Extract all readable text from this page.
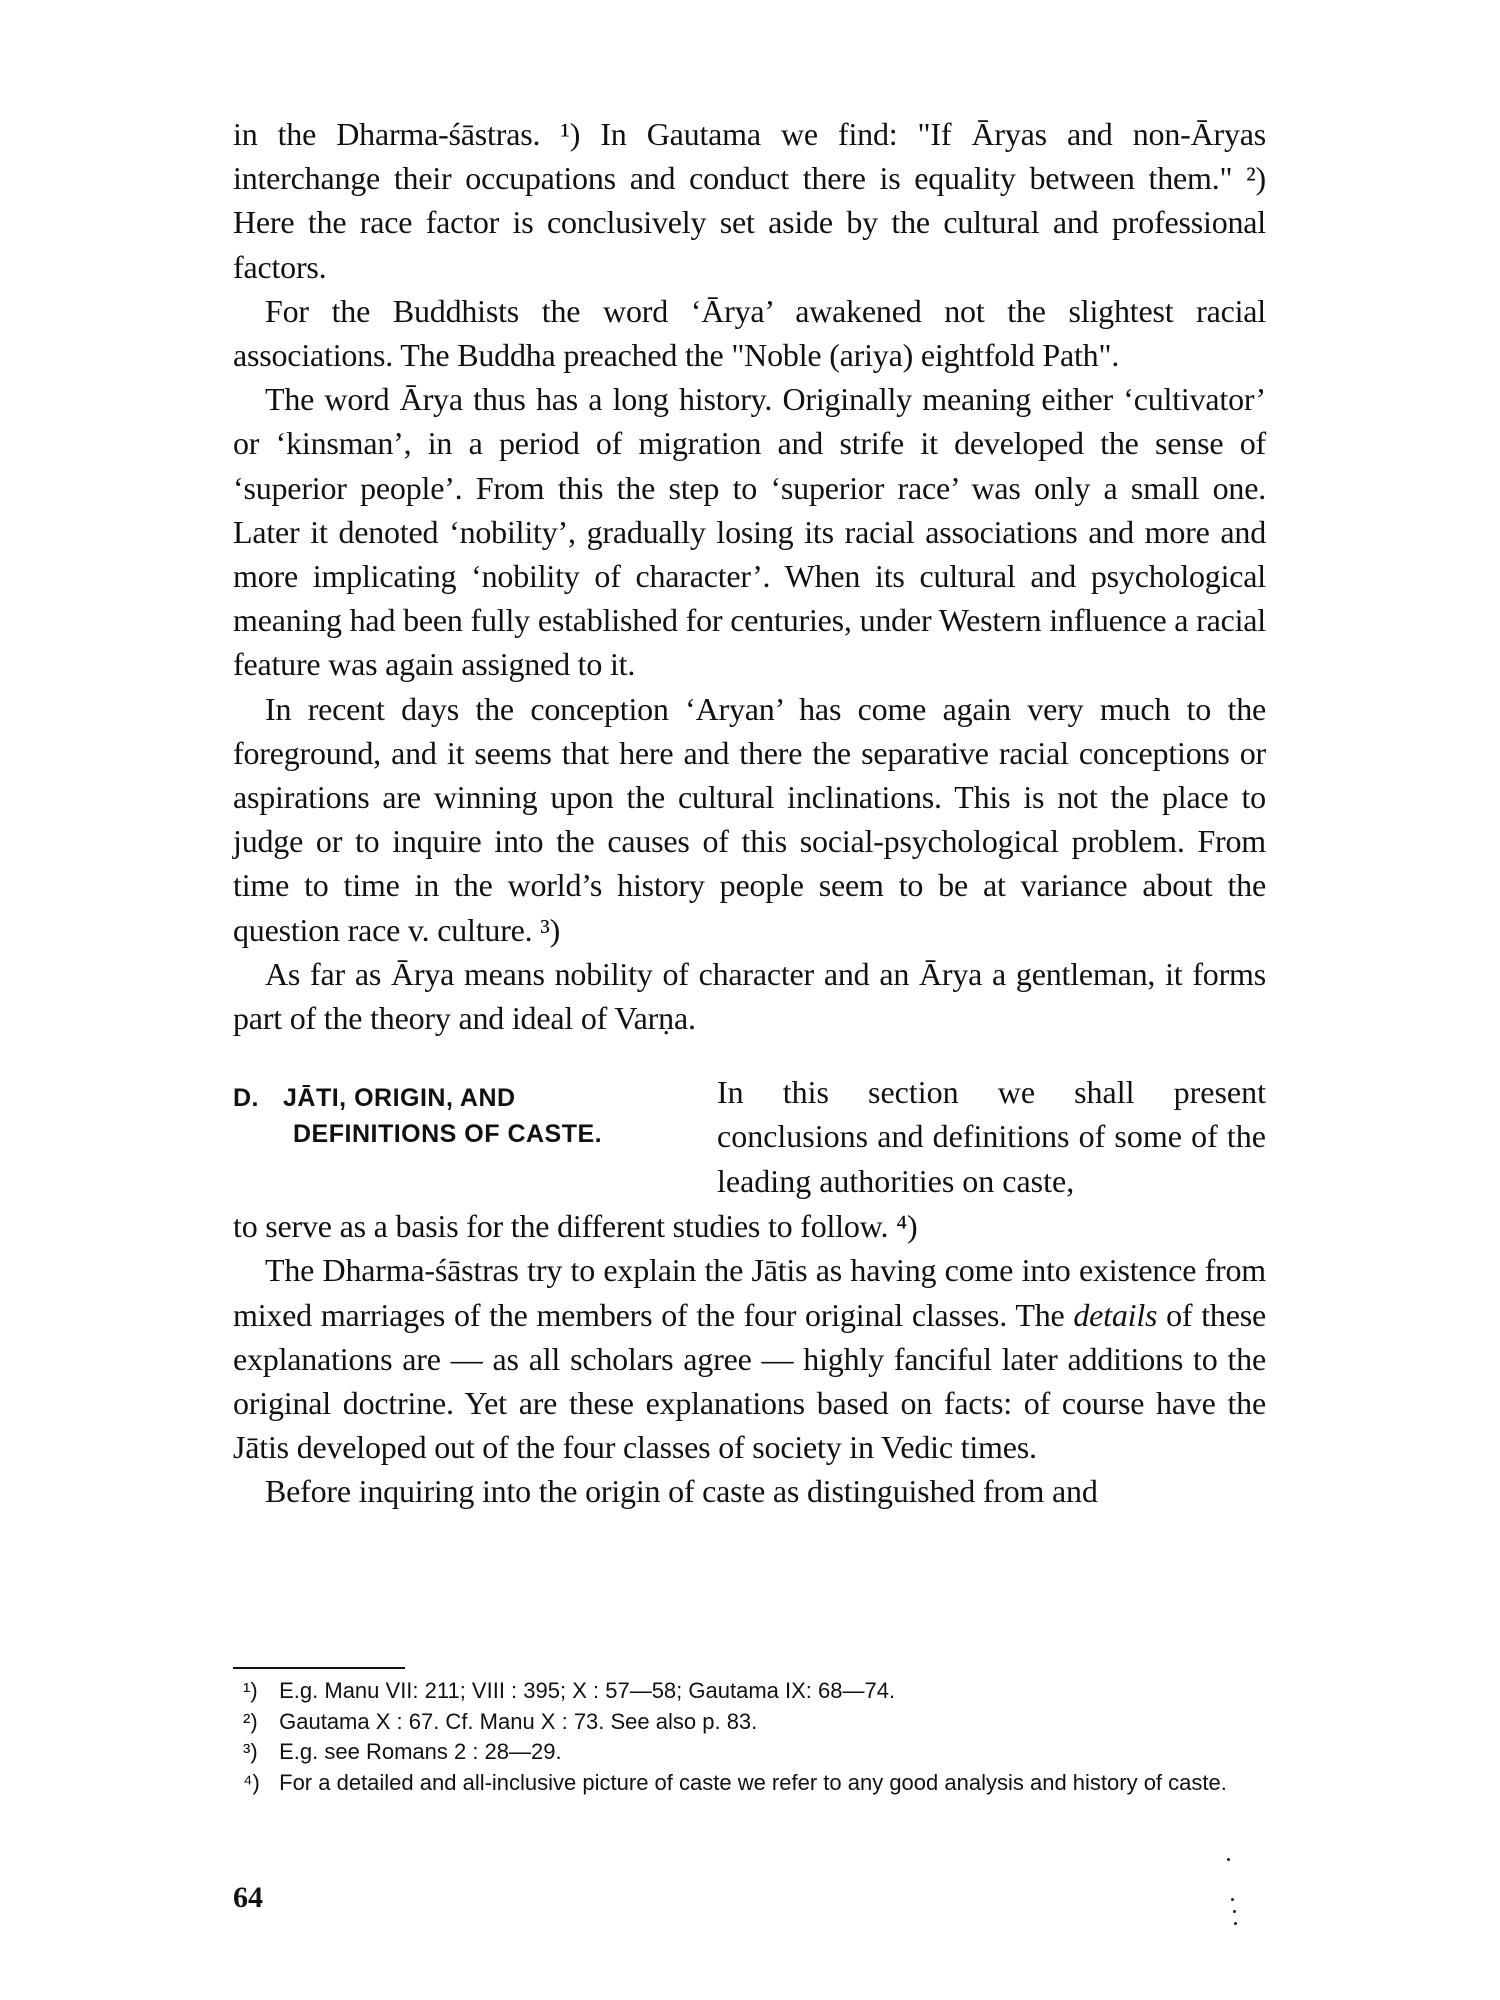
in the Dharma-śāstras. ¹) In Gautama we find: "If Āryas and non-Āryas interchange their occupations and conduct there is equality between them." ²) Here the race factor is conclusively set aside by the cultural and professional factors.

For the Buddhists the word ‘Ārya’ awakened not the slightest racial associations. The Buddha preached the "Noble (ariya) eightfold Path".

The word Ārya thus has a long history. Originally meaning either ‘cultivator’ or ‘kinsman’, in a period of migration and strife it developed the sense of ‘superior people’. From this the step to ‘superior race’ was only a small one. Later it denoted ‘nobility’, gradually losing its racial associations and more and more implicating ‘nobility of character’. When its cultural and psychological meaning had been fully established for centuries, under Western influence a racial feature was again assigned to it.

In recent days the conception ‘Aryan’ has come again very much to the foreground, and it seems that here and there the separative racial conceptions or aspirations are winning upon the cultural inclinations. This is not the place to judge or to inquire into the causes of this social-psychological problem. From time to time in the world’s history people seem to be at variance about the question race v. culture. ³)

As far as Ārya means nobility of character and an Ārya a gentleman, it forms part of the theory and ideal of Varṇa.

D. JĀTI, ORIGIN, AND
DEFINITIONS OF CASTE.
In this section we shall present conclusions and definitions of some of the leading authorities on caste,

to serve as a basis for the different studies to follow. ⁴)

The Dharma-śāstras try to explain the Jātis as having come into existence from mixed marriages of the members of the four original classes. The details of these explanations are — as all scholars agree — highly fanciful later additions to the original doctrine. Yet are these explanations based on facts: of course have the Jātis developed out of the four classes of society in Vedic times.

Before inquiring into the origin of caste as distinguished from and

¹) E.g. Manu VII: 211; VIII : 395; X : 57—58; Gautama IX: 68—74.

²) Gautama X : 67. Cf. Manu X : 73. See also p. 83.

³) E.g. see Romans 2 : 28—29.

⁴) For a detailed and all-inclusive picture of caste we refer to any good analysis and history of caste.

64
